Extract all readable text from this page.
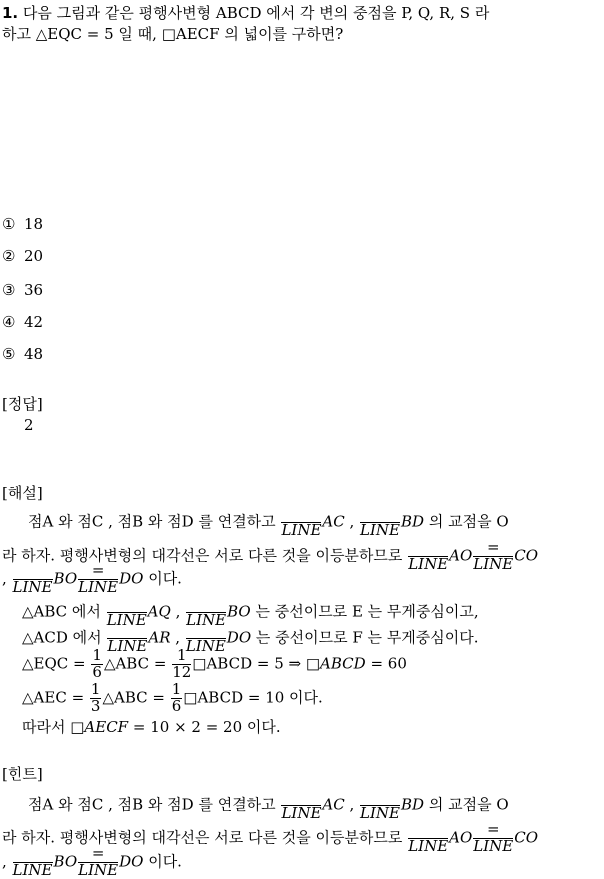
1. 다음 그림과 같은 평행사변형 ABCD 에서 각 변의 중점을 P, Q, R, S 라
하고 △EQC = 5 일 때, □AECF 의 넓이를 구하면?
① 18
② 20
③ 36
④ 42
⑤ 48
[정답]
2
[해설]
점A 와 점C , 점B 와 점D 를 연결하고
LINE AC ,
LINE BD 의 교점을 O
라 하자. 평행사변형의 대각선은 서로 다른 것을 이등분하므로
LINE AO $\frac{=}{\text{LINE}}$ CO
,
LINE BO $\frac{=}{\text{LINE}}$ DO 이다.
△ABC 에서
LINE AQ ,
LINE BO 는 중선이므로 E 는 무게중심이고,
△ACD 에서
LINE AR ,
LINE DO 는 중선이므로 F 는 무게중심이다.
△EQC = $\frac{1}{6}$ △ABC = $\frac{1}{12}$ □ABCD = 5 ⇒ □ABCD = 60
△AEC = $\frac{1}{3}$ △ABC = $\frac{1}{6}$ □ABCD = 10 이다.
따라서 □AECF = 10 × 2 = 20 이다.
[힌트]
점A 와 점C , 점B 와 점D 를 연결하고
LINE AC ,
LINE BD 의 교점을 O
라 하자. 평행사변형의 대각선은 서로 다른 것을 이등분하므로
LINE AO $\frac{=}{\text{LINE}}$ CO
,
LINE BO $\frac{=}{\text{LINE}}$ DO 이다.
